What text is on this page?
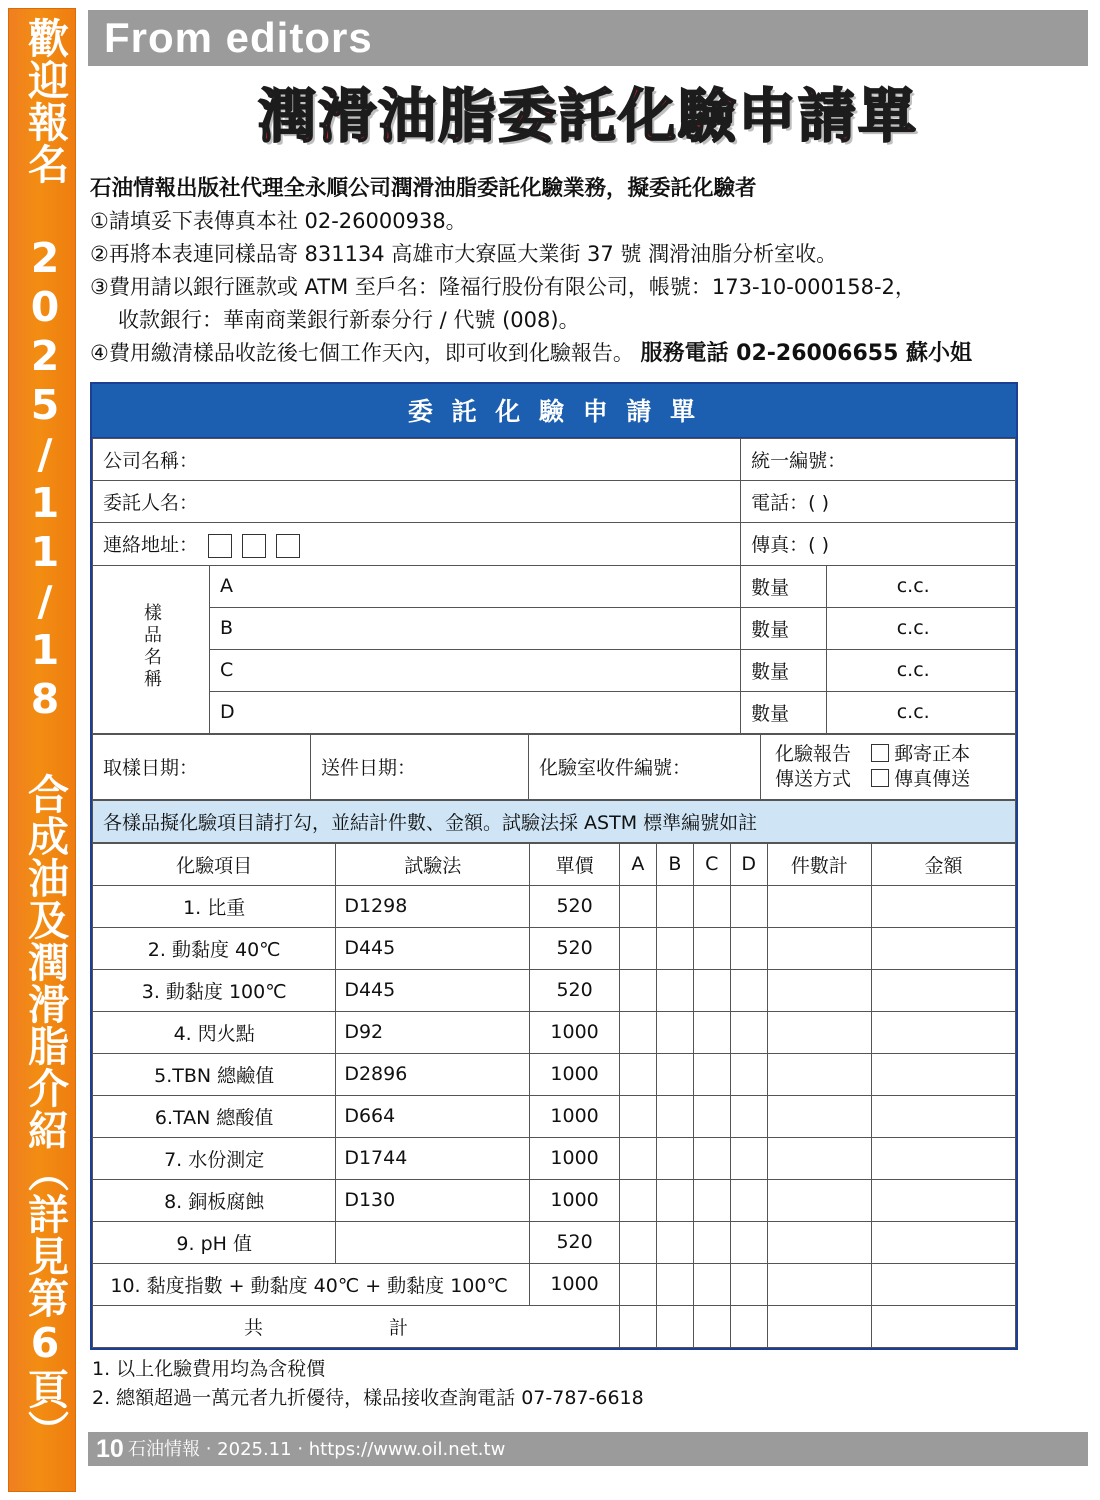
歡迎報名 2025/11/18 合成油及潤滑脂介紹（詳見第6頁） From editors
潤滑油脂委託化驗申請單
石油情報出版社代理全永順公司潤滑油脂委託化驗業務，擬委託化驗者
①請填妥下表傳真本社 02-26000938。
②再將本表連同樣品寄 831134 高雄市大寮區大業街 37 號 潤滑油脂分析室收。
③費用請以銀行匯款或 ATM 至戶名：隆福行股份有限公司，帳號：173-10-000158-2，
收款銀行：華南商業銀行新泰分行 / 代號 (008)。
④費用繳清樣品收訖後七個工作天內，即可收到化驗報告。 服務電話 02-26006655 蘇小姐
委 託 化 驗 申 請 單
公司名稱：		統一編號：	
委託人名：		電話：( )	
連絡地址：		傳真：( )	
樣品名稱	A	數量	c.c.
	B	數量	c.c.
	C	數量	c.c.
	D	數量	c.c.
取樣日期：	送件日期：	化驗室收件編號：	
化驗報告 郵寄正本
傳送方式 傳真傳送
各樣品擬化驗項目請打勾，並結計件數、金額。試驗法採 ASTM 標準編號如註
化驗項目	試驗法	單價	A	B	C	D	件數計	金額
1. 比重	D1298	520						
2. 動黏度 40℃	D445	520						
3. 動黏度 100℃	D445	520						
4. 閃火點	D92	1000						
5.TBN 總鹼值	D2896	1000						
6.TAN 總酸值	D664	1000						
7. 水份測定	D1744	1000						
8. 銅板腐蝕	D130	1000						
9. pH 值		520						
10. 黏度指數 + 動黏度 40℃ + 動黏度 100℃		1000						
共 計								
1. 以上化驗費用均為含稅價
2. 總額超過一萬元者九折優待，樣品接收查詢電話 07-787-6618
10 石油情報 ‧ 2025.11 ‧ https://www.oil.net.tw
